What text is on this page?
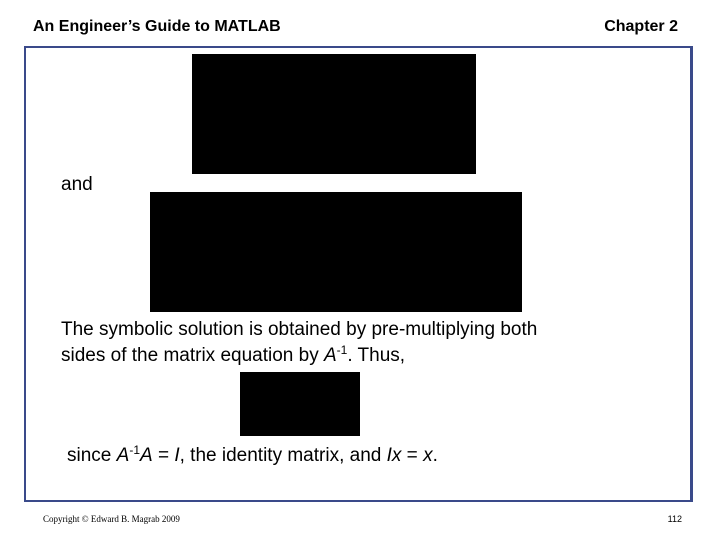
An Engineer’s Guide to MATLAB	Chapter 2
and
The symbolic solution is obtained by pre-multiplying both
sides of the matrix equation by $A^{-1}$. Thus,
since $A^{-1}A = I$, the identity matrix, and Ix = x.
Copyright © Edward B. Magrab 2009	112
